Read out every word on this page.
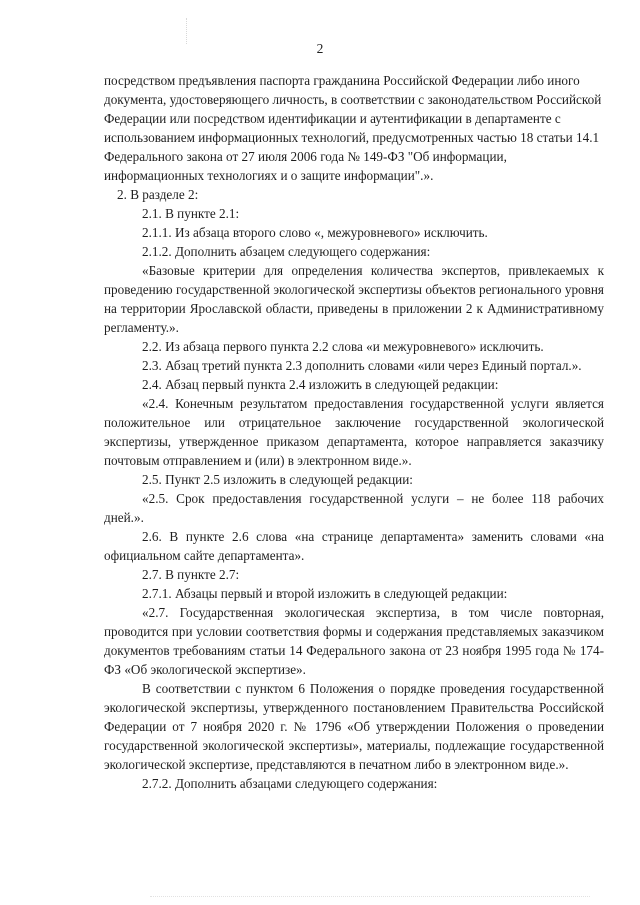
2

посредством предъявления паспорта гражданина Российской Федерации либо иного документа, удостоверяющего личность, в соответствии с законодательством Российской Федерации или посредством идентификации и аутентификации в департаменте с использованием информационных технологий, предусмотренных частью 18 статьи 14.1 Федерального закона от 27 июля 2006 года № 149-ФЗ "Об информации, информационных технологиях и о защите информации".».

2. В разделе 2:

2.1. В пункте 2.1:

2.1.1. Из абзаца второго слово «, межуровневого» исключить.

2.1.2. Дополнить абзацем следующего содержания:

«Базовые критерии для определения количества экспертов, привлекаемых к проведению государственной экологической экспертизы объектов регионального уровня на территории Ярославской области, приведены в приложении 2 к Административному регламенту.».

2.2. Из абзаца первого пункта 2.2 слова «и межуровневого» исключить.

2.3. Абзац третий пункта 2.3 дополнить словами «или через Единый портал.».

2.4. Абзац первый пункта 2.4 изложить в следующей редакции:

«2.4. Конечным результатом предоставления государственной услуги является положительное или отрицательное заключение государственной экологической экспертизы, утвержденное приказом департамента, которое направляется заказчику почтовым отправлением и (или) в электронном виде.».

2.5. Пункт 2.5 изложить в следующей редакции:

«2.5. Срок предоставления государственной услуги – не более 118 рабочих дней.».

2.6. В пункте 2.6 слова «на странице департамента» заменить словами «на официальном сайте департамента».

2.7. В пункте 2.7:

2.7.1. Абзацы первый и второй изложить в следующей редакции:

«2.7. Государственная экологическая экспертиза, в том числе повторная, проводится при условии соответствия формы и содержания представляемых заказчиком документов требованиям статьи 14 Федерального закона от 23 ноября 1995 года № 174-ФЗ «Об экологической экспертизе».

В соответствии с пунктом 6 Положения о порядке проведения государственной экологической экспертизы, утвержденного постановлением Правительства Российской Федерации от 7 ноября 2020 г. № 1796 «Об утверждении Положения о проведении государственной экологической экспертизы», материалы, подлежащие государственной экологической экспертизе, представляются в печатном либо в электронном виде.».

2.7.2. Дополнить абзацами следующего содержания:
